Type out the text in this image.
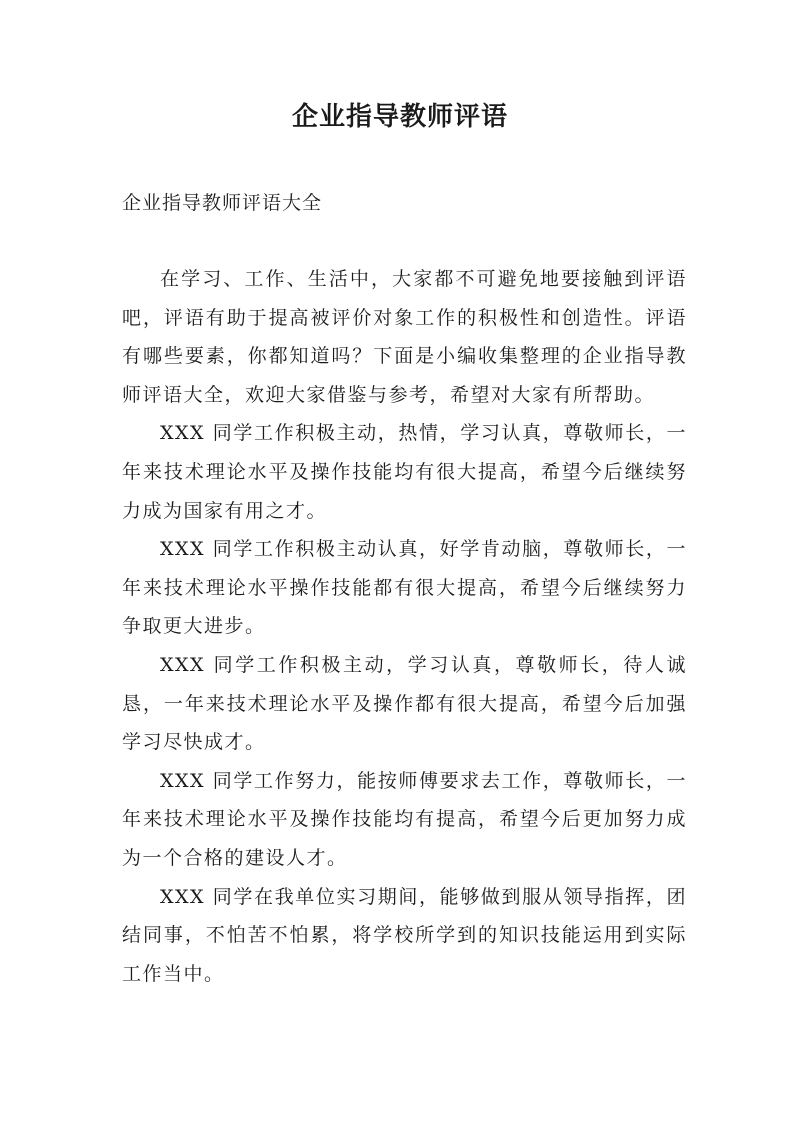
企业指导教师评语

企业指导教师评语大全

在学习、工作、生活中，大家都不可避免地要接触到评语吧，评语有助于提高被评价对象工作的积极性和创造性。评语有哪些要素，你都知道吗？下面是小编收集整理的企业指导教师评语大全，欢迎大家借鉴与参考，希望对大家有所帮助。

XXX 同学工作积极主动，热情，学习认真，尊敬师长，一年来技术理论水平及操作技能均有很大提高，希望今后继续努力成为国家有用之才。

XXX 同学工作积极主动认真，好学肯动脑，尊敬师长，一年来技术理论水平操作技能都有很大提高，希望今后继续努力争取更大进步。

XXX 同学工作积极主动，学习认真，尊敬师长，待人诚恳，一年来技术理论水平及操作都有很大提高，希望今后加强学习尽快成才。

XXX 同学工作努力，能按师傅要求去工作，尊敬师长，一年来技术理论水平及操作技能均有提高，希望今后更加努力成为一个合格的建设人才。

XXX 同学在我单位实习期间，能够做到服从领导指挥，团结同事，不怕苦不怕累，将学校所学到的知识技能运用到实际工作当中。
